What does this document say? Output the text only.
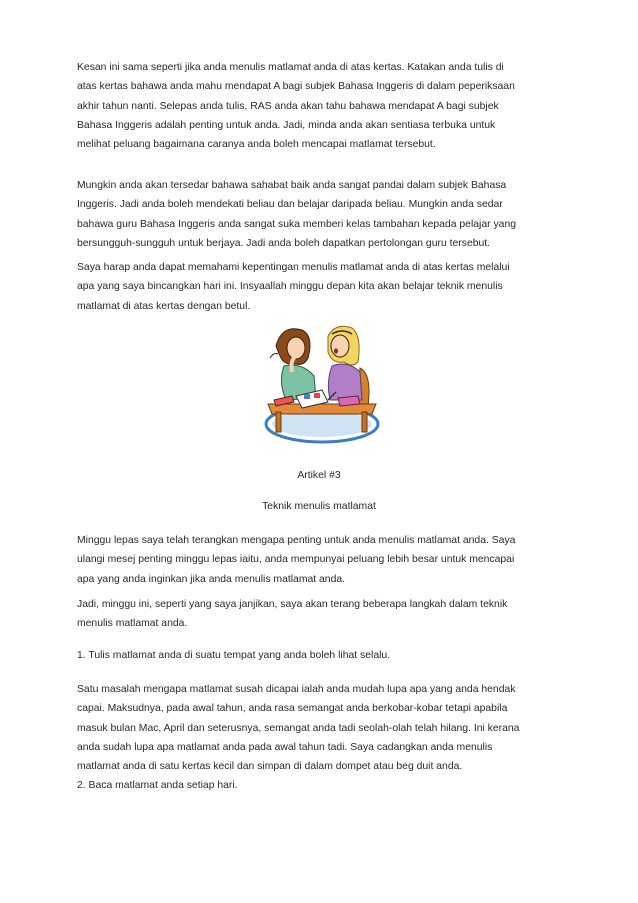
Kesan ini sama seperti jika anda menulis matlamat anda di atas kertas. Katakan anda tulis di
atas kertas bahawa anda mahu mendapat A bagi subjek Bahasa Inggeris di dalam peperiksaan
akhir tahun nanti. Selepas anda tulis, RAS anda akan tahu bahawa mendapat A bagi subjek
Bahasa Inggeris adalah penting untuk anda. Jadi, minda anda akan sentiasa terbuka untuk
melihat peluang bagaimana caranya anda boleh mencapai matlamat tersebut.

Mungkin anda akan tersedar bahawa sahabat baik anda sangat pandai dalam subjek Bahasa
Inggeris. Jadi anda boleh mendekati beliau dan belajar daripada beliau. Mungkin anda sedar
bahawa guru Bahasa Inggeris anda sangat suka memberi kelas tambahan kepada pelajar yang
bersungguh-sungguh untuk berjaya. Jadi anda boleh dapatkan pertolongan guru tersebut.

Saya harap anda dapat memahami kepentingan menulis matlamat anda di atas kertas melalui
apa yang saya bincangkan hari ini. Insyaallah minggu depan kita akan belajar teknik menulis
matlamat di atas kertas dengan betul.

Artikel #3
Teknik menulis matlamat

Minggu lepas saya telah terangkan mengapa penting untuk anda menulis matlamat anda. Saya
ulangi mesej penting minggu lepas iaitu, anda mempunyai peluang lebih besar untuk mencapai
apa yang anda inginkan jika anda menulis matlamat anda.

Jadi, minggu ini, seperti yang saya janjikan, saya akan terang beberapa langkah dalam teknik
menulis matlamat anda.

1. Tulis matlamat anda di suatu tempat yang anda boleh lihat selalu.

Satu masalah mengapa matlamat susah dicapai ialah anda mudah lupa apa yang anda hendak
capai. Maksudnya, pada awal tahun, anda rasa semangat anda berkobar-kobar tetapi apabila
masuk bulan Mac, April dan seterusnya, semangat anda tadi seolah-olah telah hilang. Ini kerana
anda sudah lupa apa matlamat anda pada awal tahun tadi. Saya cadangkan anda menulis
matlamat anda di satu kertas kecil dan simpan di dalam dompet atau beg duit anda.

2. Baca matlamat anda setiap hari.
